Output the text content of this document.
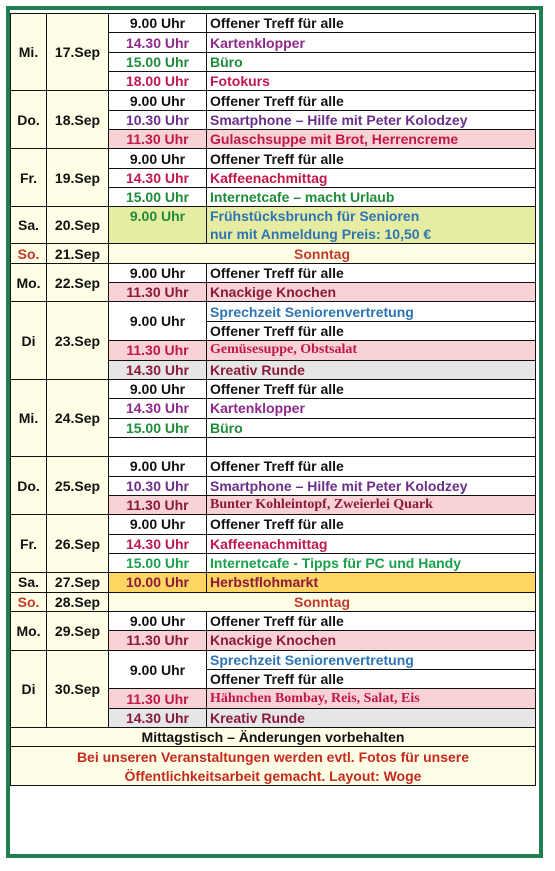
Mi.	17.Sep	9.00 Uhr	Offener Treff für alle
		14.30 Uhr	Kartenklopper
		15.00 Uhr	Büro
		18.00 Uhr	Fotokurs
Do.	18.Sep	9.00 Uhr	Offener Treff für alle
		10.30 Uhr	Smartphone – Hilfe mit Peter Kolodzey
		11.30 Uhr	Gulaschsuppe mit Brot, Herrencreme
Fr.	19.Sep	9.00 Uhr	Offener Treff für alle
		14.30 Uhr	Kaffeenachmittag
		15.00 Uhr	Internetcafe – macht Urlaub
Sa.	20.Sep	9.00 Uhr	Frühstücksbrunch für Senioren
nur mit Anmeldung Preis: 10,50 €

So.	21.Sep	Sonntag	
Mo.	22.Sep	9.00 Uhr	Offener Treff für alle
		11.30 Uhr	Knackige Knochen
Di	23.Sep	9.00 Uhr	Sprechzeit Seniorenvertretung
			Offener Treff für alle
		11.30 Uhr	Gemüsesuppe, Obstsalat
		14.30 Uhr	Kreativ Runde
Mi.	24.Sep	9.00 Uhr	Offener Treff für alle
		14.30 Uhr	Kartenklopper
		15.00 Uhr	Büro

Do.	25.Sep	9.00 Uhr	Offener Treff für alle
		10.30 Uhr	Smartphone – Hilfe mit Peter Kolodzey
		11.30 Uhr	Bunter Kohleintopf, Zweierlei Quark
Fr.	26.Sep	9.00 Uhr	Offener Treff für alle
		14.30 Uhr	Kaffeenachmittag
		15.00 Uhr	Internetcafe - Tipps für PC und Handy
Sa.	27.Sep	10.00 Uhr	Herbstflohmarkt

So.	28.Sep	Sonntag	
Mo.	29.Sep	9.00 Uhr	Offener Treff für alle
		11.30 Uhr	Knackige Knochen
Di	30.Sep	9.00 Uhr	Sprechzeit Seniorenvertretung
			Offener Treff für alle
		11.30 Uhr	Hähnchen Bombay, Reis, Salat, Eis
		14.30 Uhr	Kreativ Runde
Mittagstisch – Änderungen vorbehalten			
Bei unseren Veranstaltungen werden evtl. Fotos für unsere			
Öffentlichkeitsarbeit gemacht. Layout: Woge			
